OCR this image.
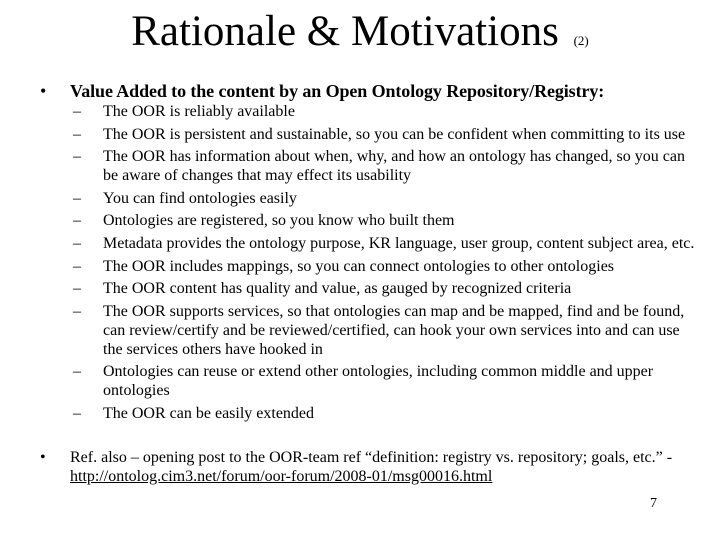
Rationale & Motivations (2)
• Value Added to the content by an Open Ontology Repository/Registry:
– The OOR is reliably available
– The OOR is persistent and sustainable, so you can be confident when committing to its use
– The OOR has information about when, why, and how an ontology has changed, so you can be aware of changes that may effect its usability
– You can find ontologies easily
– Ontologies are registered, so you know who built them
– Metadata provides the ontology purpose, KR language, user group, content subject area, etc.
– The OOR includes mappings, so you can connect ontologies to other ontologies
– The OOR content has quality and value, as gauged by recognized criteria
– The OOR supports services, so that ontologies can map and be mapped, find and be found, can review/certify and be reviewed/certified, can hook your own services into and can use the services others have hooked in
– Ontologies can reuse or extend other ontologies, including common middle and upper ontologies
– The OOR can be easily extended
• Ref. also – opening post to the OOR-team ref “definition: registry vs. repository; goals, etc.” - http://ontolog.cim3.net/forum/oor-forum/2008-01/msg00016.html
7
